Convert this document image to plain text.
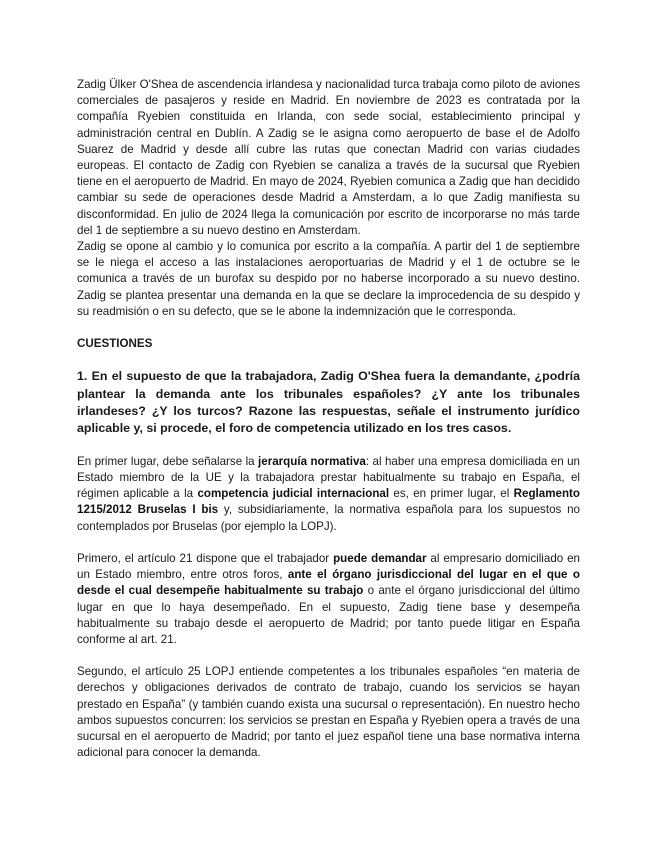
Zadig Ülker O'Shea de ascendencia irlandesa y nacionalidad turca trabaja como piloto de aviones comerciales de pasajeros y reside en Madrid. En noviembre de 2023 es contratada por la compañía Ryebien constituida en Irlanda, con sede social, establecimiento principal y administración central en Dublín. A Zadig se le asigna como aeropuerto de base el de Adolfo Suarez de Madrid y desde allí cubre las rutas que conectan Madrid con varias ciudades europeas. El contacto de Zadig con Ryebien se canaliza a través de la sucursal que Ryebien tiene en el aeropuerto de Madrid. En mayo de 2024, Ryebien comunica a Zadig que han decidido cambiar su sede de operaciones desde Madrid a Amsterdam, a lo que Zadig manifiesta su disconformidad. En julio de 2024 llega la comunicación por escrito de incorporarse no más tarde del 1 de septiembre a su nuevo destino en Amsterdam.

Zadig se opone al cambio y lo comunica por escrito a la compañía. A partir del 1 de septiembre se le niega el acceso a las instalaciones aeroportuarias de Madrid y el 1 de octubre se le comunica a través de un burofax su despido por no haberse incorporado a su nuevo destino. Zadig se plantea presentar una demanda en la que se declare la improcedencia de su despido y su readmisión o en su defecto, que se le abone la indemnización que le corresponda.

CUESTIONES

1. En el supuesto de que la trabajadora, Zadig O'Shea fuera la demandante, ¿podría plantear la demanda ante los tribunales españoles? ¿Y ante los tribunales irlandeses? ¿Y los turcos? Razone las respuestas, señale el instrumento jurídico aplicable y, si procede, el foro de competencia utilizado en los tres casos.

En primer lugar, debe señalarse la jerarquía normativa: al haber una empresa domiciliada en un Estado miembro de la UE y la trabajadora prestar habitualmente su trabajo en España, el régimen aplicable a la competencia judicial internacional es, en primer lugar, el Reglamento 1215/2012 Bruselas I bis y, subsidiariamente, la normativa española para los supuestos no contemplados por Bruselas (por ejemplo la LOPJ).

Primero, el artículo 21 dispone que el trabajador puede demandar al empresario domiciliado en un Estado miembro, entre otros foros, ante el órgano jurisdiccional del lugar en el que o desde el cual desempeñe habitualmente su trabajo o ante el órgano jurisdiccional del último lugar en que lo haya desempeñado. En el supuesto, Zadig tiene base y desempeña habitualmente su trabajo desde el aeropuerto de Madrid; por tanto puede litigar en España conforme al art. 21.

Segundo, el artículo 25 LOPJ entiende competentes a los tribunales españoles “en materia de derechos y obligaciones derivados de contrato de trabajo, cuando los servicios se hayan prestado en España” (y también cuando exista una sucursal o representación). En nuestro hecho ambos supuestos concurren: los servicios se prestan en España y Ryebien opera a través de una sucursal en el aeropuerto de Madrid; por tanto el juez español tiene una base normativa interna adicional para conocer la demanda.
